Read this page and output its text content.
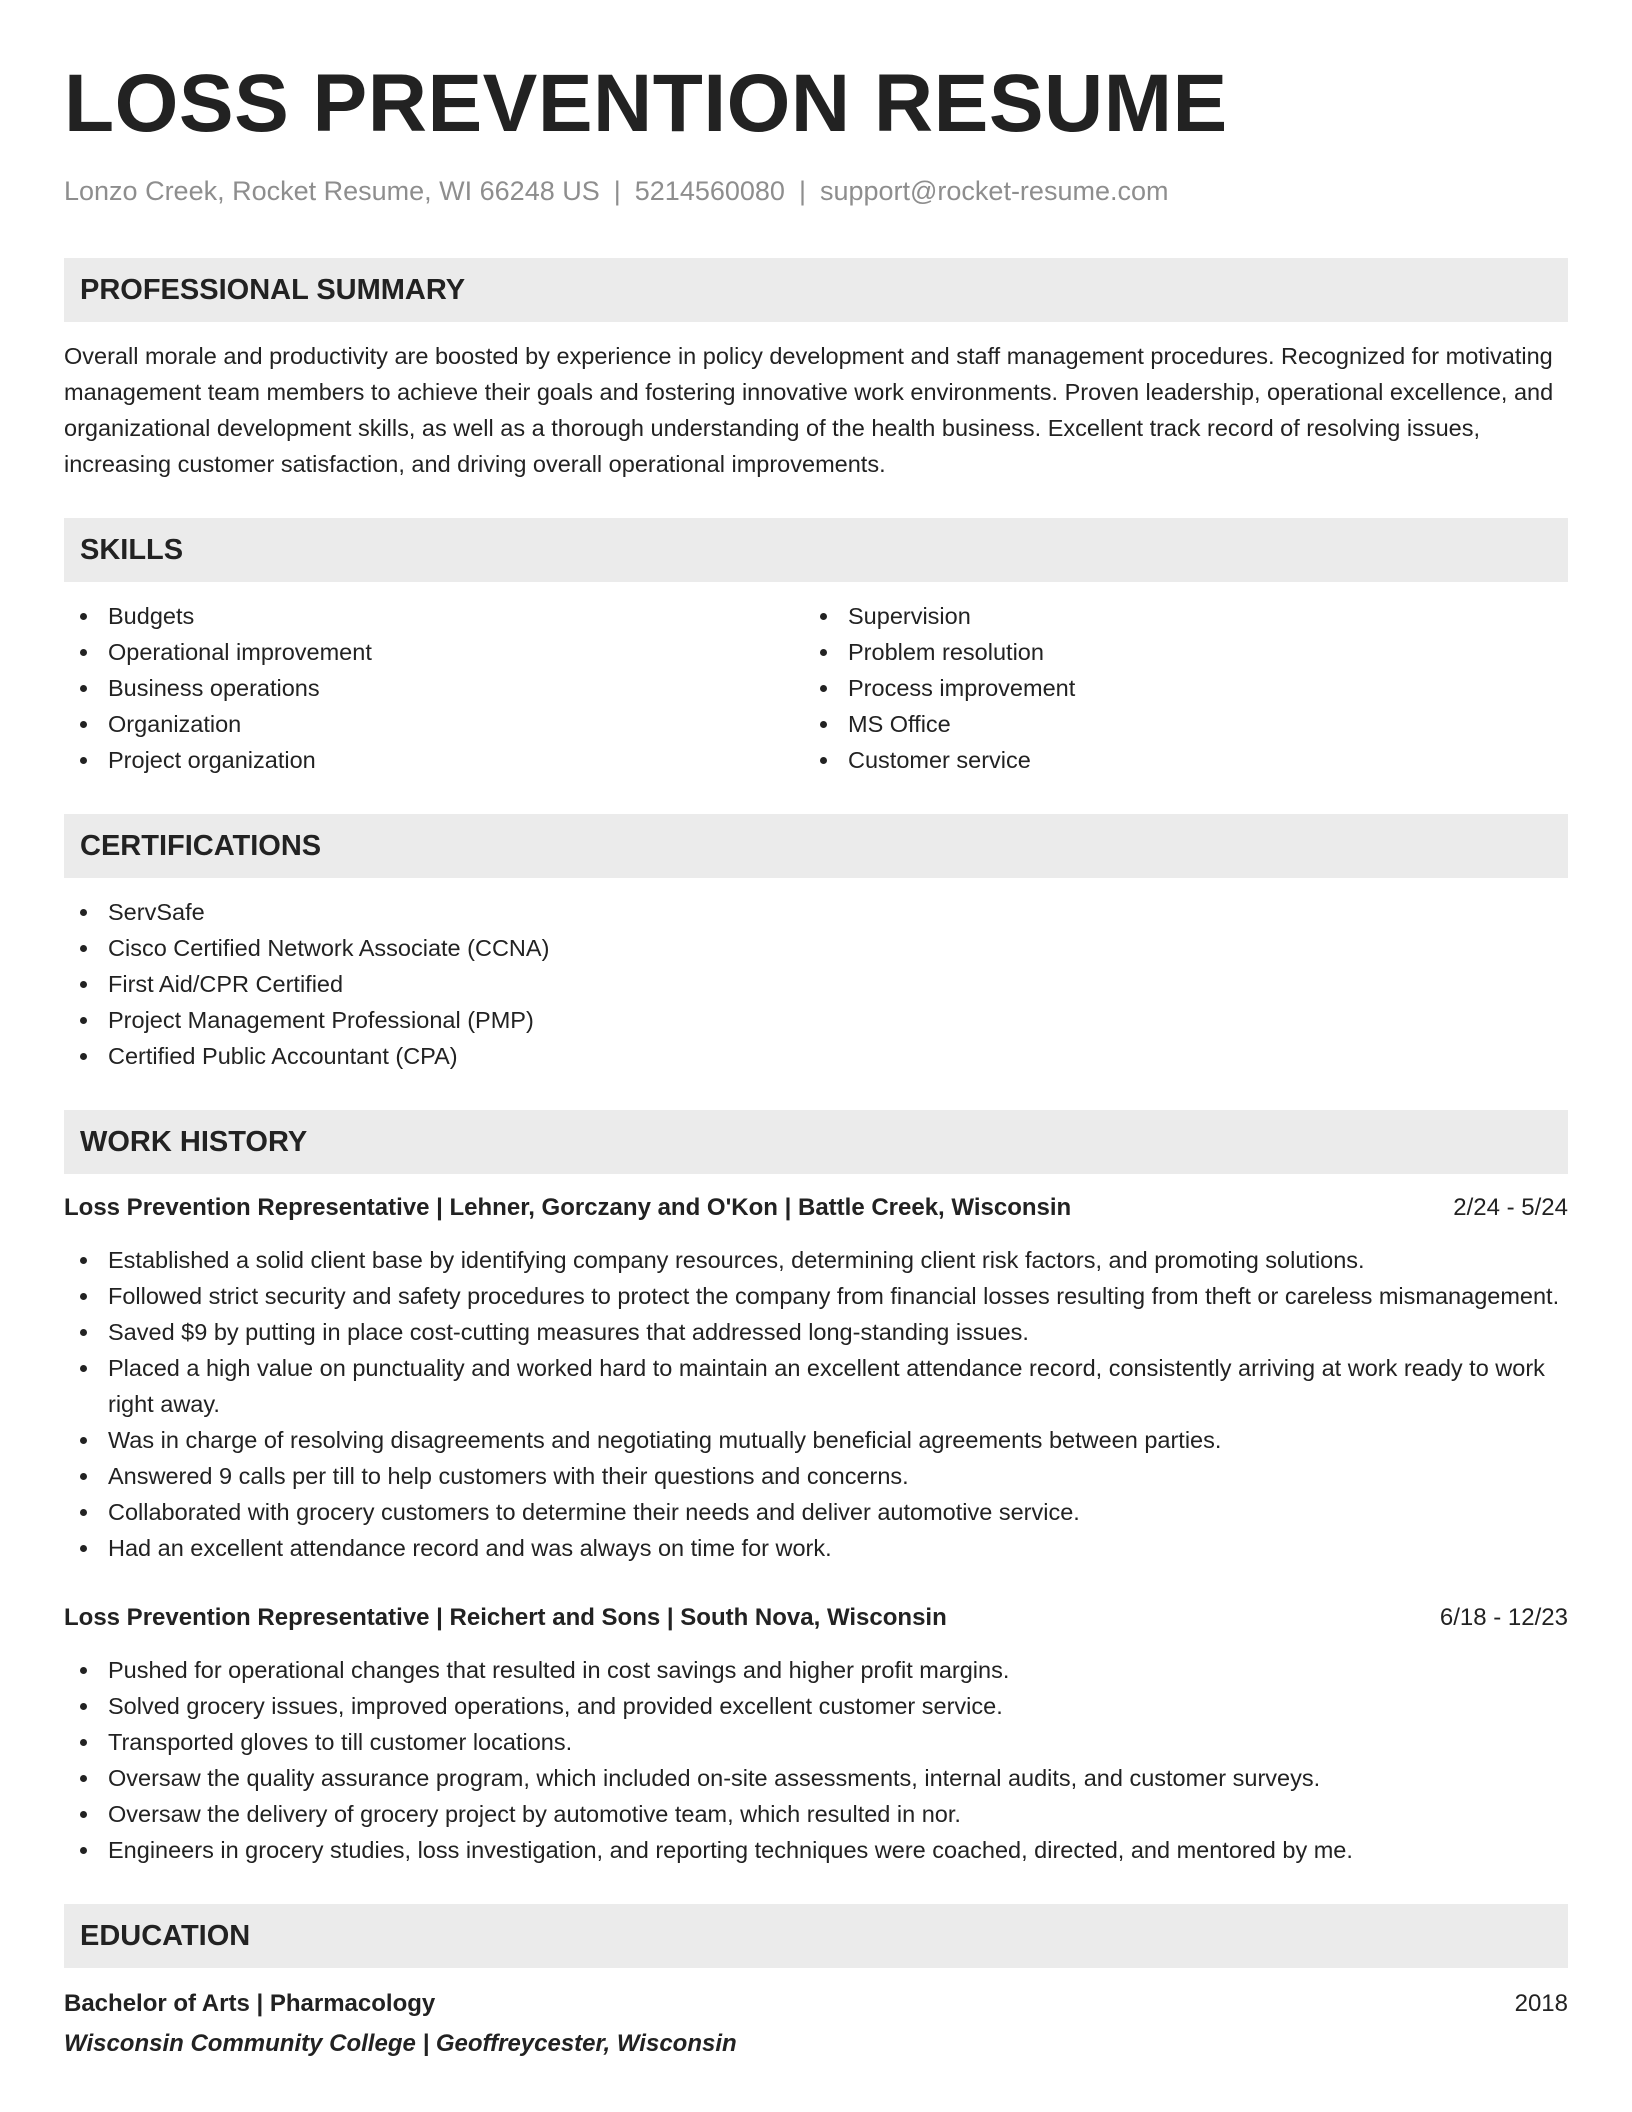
LOSS PREVENTION RESUME
Lonzo Creek, Rocket Resume, WI 66248 US | 5214560080 | support@rocket-resume.com
PROFESSIONAL SUMMARY

Overall morale and productivity are boosted by experience in policy development and staff management procedures. Recognized for motivating management team members to achieve their goals and fostering innovative work environments. Proven leadership, operational excellence, and organizational development skills, as well as a thorough understanding of the health business. Excellent track record of resolving issues, increasing customer satisfaction, and driving overall operational improvements.

SKILLS
Budgets
Operational improvement
Business operations
Organization
Project organization
Supervision
Problem resolution
Process improvement
MS Office
Customer service
CERTIFICATIONS
ServSafe
Cisco Certified Network Associate (CCNA)
First Aid/CPR Certified
Project Management Professional (PMP)
Certified Public Accountant (CPA)
WORK HISTORY
Loss Prevention Representative | Lehner, Gorczany and O'Kon | Battle Creek, Wisconsin	2/24 - 5/24
Established a solid client base by identifying company resources, determining client risk factors, and promoting solutions.
Followed strict security and safety procedures to protect the company from financial losses resulting from theft or careless mismanagement.
Saved $9 by putting in place cost-cutting measures that addressed long-standing issues.
Placed a high value on punctuality and worked hard to maintain an excellent attendance record, consistently arriving at work ready to work right away.
Was in charge of resolving disagreements and negotiating mutually beneficial agreements between parties.
Answered 9 calls per till to help customers with their questions and concerns.
Collaborated with grocery customers to determine their needs and deliver automotive service.
Had an excellent attendance record and was always on time for work.
Loss Prevention Representative | Reichert and Sons | South Nova, Wisconsin	6/18 - 12/23
Pushed for operational changes that resulted in cost savings and higher profit margins.
Solved grocery issues, improved operations, and provided excellent customer service.
Transported gloves to till customer locations.
Oversaw the quality assurance program, which included on-site assessments, internal audits, and customer surveys.
Oversaw the delivery of grocery project by automotive team, which resulted in nor.
Engineers in grocery studies, loss investigation, and reporting techniques were coached, directed, and mentored by me.
EDUCATION
Bachelor of Arts | Pharmacology	2018
Wisconsin Community College | Geoffreycester, Wisconsin
